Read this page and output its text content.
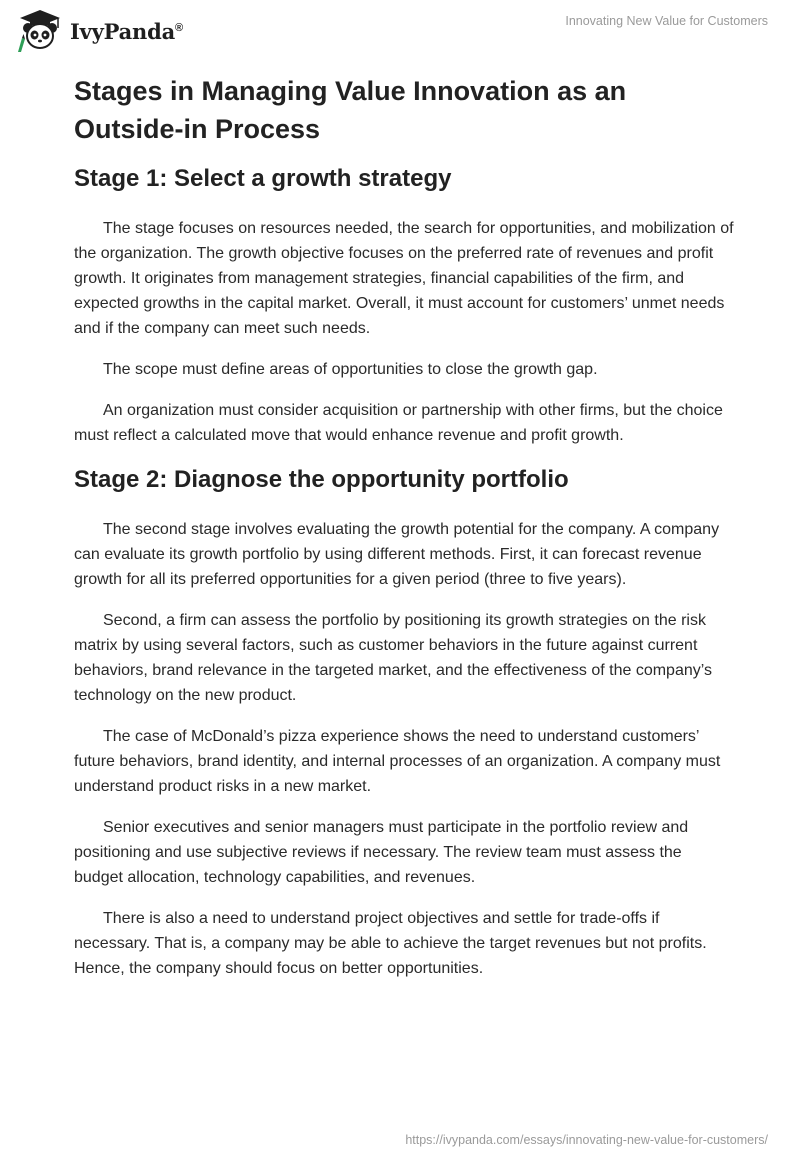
IvyPanda®	Innovating New Value for Customers
Stages in Managing Value Innovation as an Outside-in Process
Stage 1: Select a growth strategy

The stage focuses on resources needed, the search for opportunities, and mobilization of the organization. The growth objective focuses on the preferred rate of revenues and profit growth. It originates from management strategies, financial capabilities of the firm, and expected growths in the capital market. Overall, it must account for customers’ unmet needs and if the company can meet such needs.

The scope must define areas of opportunities to close the growth gap.

An organization must consider acquisition or partnership with other firms, but the choice must reflect a calculated move that would enhance revenue and profit growth.

Stage 2: Diagnose the opportunity portfolio

The second stage involves evaluating the growth potential for the company. A company can evaluate its growth portfolio by using different methods. First, it can forecast revenue growth for all its preferred opportunities for a given period (three to five years).

Second, a firm can assess the portfolio by positioning its growth strategies on the risk matrix by using several factors, such as customer behaviors in the future against current behaviors, brand relevance in the targeted market, and the effectiveness of the company’s technology on the new product.

The case of McDonald’s pizza experience shows the need to understand customers’ future behaviors, brand identity, and internal processes of an organization. A company must understand product risks in a new market.

Senior executives and senior managers must participate in the portfolio review and positioning and use subjective reviews if necessary. The review team must assess the budget allocation, technology capabilities, and revenues.

There is also a need to understand project objectives and settle for trade-offs if necessary. That is, a company may be able to achieve the target revenues but not profits. Hence, the company should focus on better opportunities.

https://ivypanda.com/essays/innovating-new-value-for-customers/
